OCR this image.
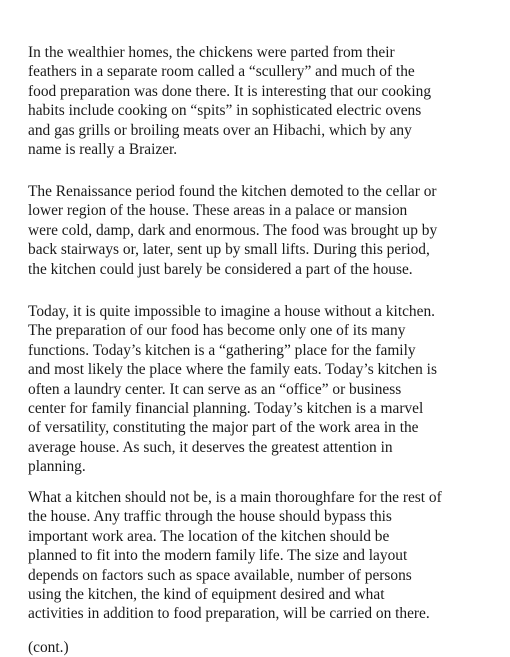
In the wealthier homes, the chickens were parted from their
feathers in a separate room called a “scullery” and much of the
food preparation was done there. It is interesting that our cooking
habits include cooking on “spits” in sophisticated electric ovens
and gas grills or broiling meats over an Hibachi, which by any
name is really a Braizer.

The Renaissance period found the kitchen demoted to the cellar or
lower region of the house. These areas in a palace or mansion
were cold, damp, dark and enormous. The food was brought up by
back stairways or, later, sent up by small lifts. During this period,
the kitchen could just barely be considered a part of the house.

Today, it is quite impossible to imagine a house without a kitchen.
The preparation of our food has become only one of its many
functions. Today’s kitchen is a “gathering” place for the family
and most likely the place where the family eats. Today’s kitchen is
often a laundry center. It can serve as an “office” or business
center for family financial planning. Today’s kitchen is a marvel
of versatility, constituting the major part of the work area in the
average house. As such, it deserves the greatest attention in
planning.

What a kitchen should not be, is a main thoroughfare for the rest of
the house. Any traffic through the house should bypass this
important work area. The location of the kitchen should be
planned to fit into the modern family life. The size and layout
depends on factors such as space available, number of persons
using the kitchen, the kind of equipment desired and what
activities in addition to food preparation, will be carried on there.

(cont.)
